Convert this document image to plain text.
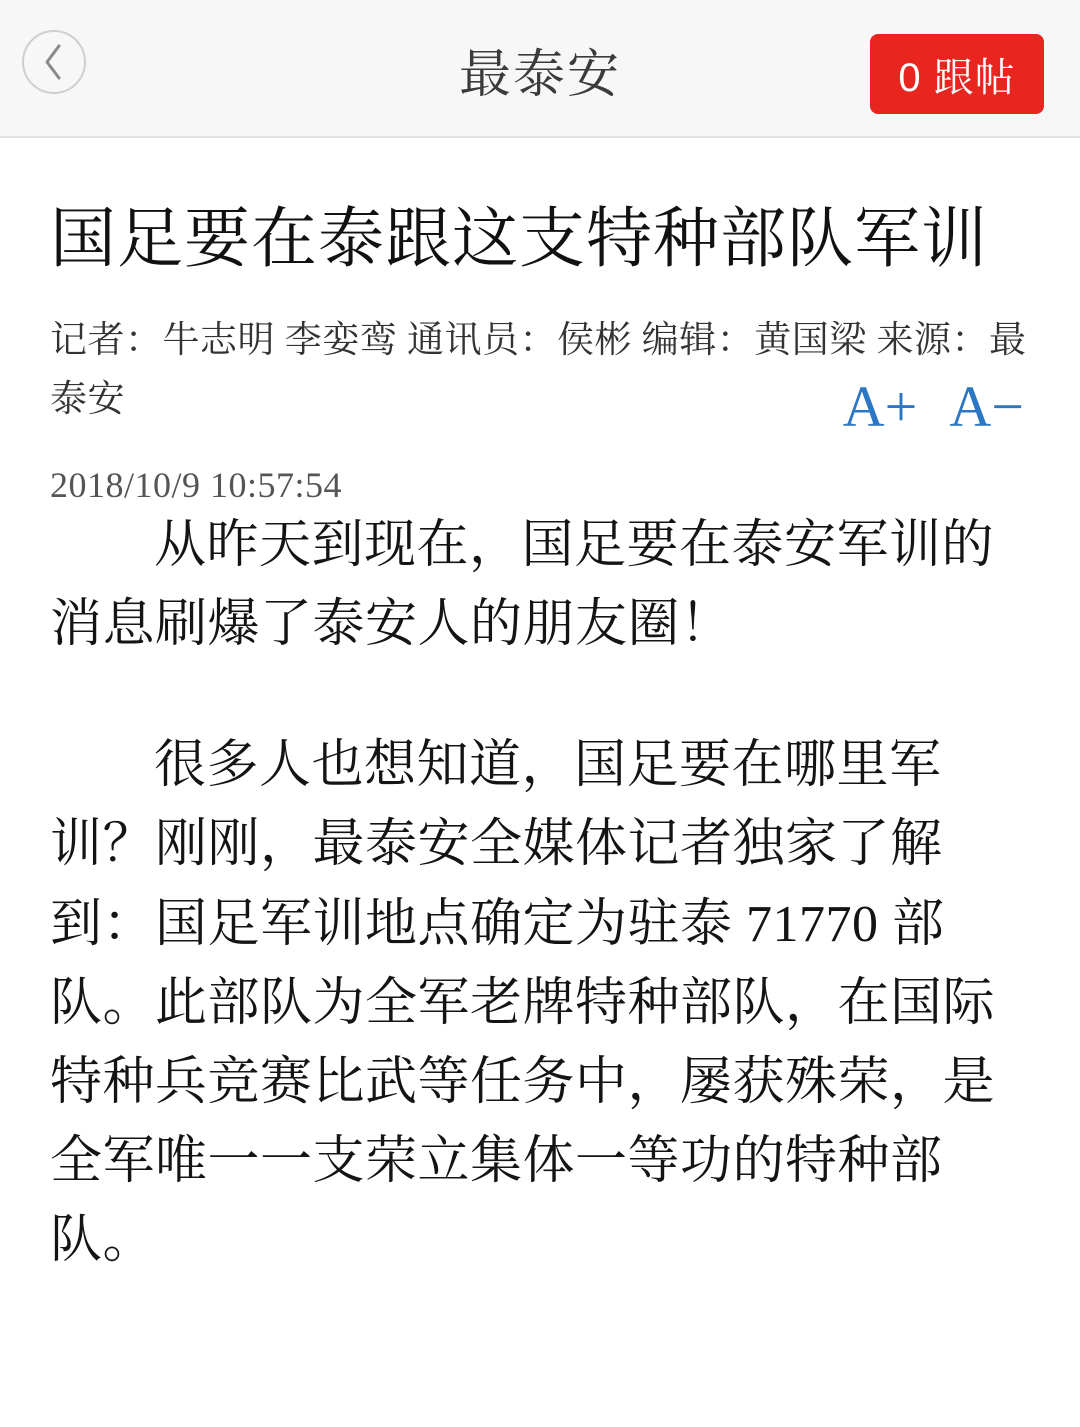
最泰安	0 跟帖
国足要在泰跟这支特种部队军训
记者：牛志明 李娈鸾 通讯员：侯彬 编辑：黄国梁 来源：最泰安	A+ A−
2018/10/9 10:57:54

从昨天到现在，国足要在泰安军训的消息刷爆了泰安人的朋友圈！

很多人也想知道，国足要在哪里军训？刚刚，最泰安全媒体记者独家了解到：国足军训地点确定为驻泰 71770 部队。此部队为全军老牌特种部队，在国际特种兵竞赛比武等任务中，屡获殊荣，是全军唯一一支荣立集体一等功的特种部队。
